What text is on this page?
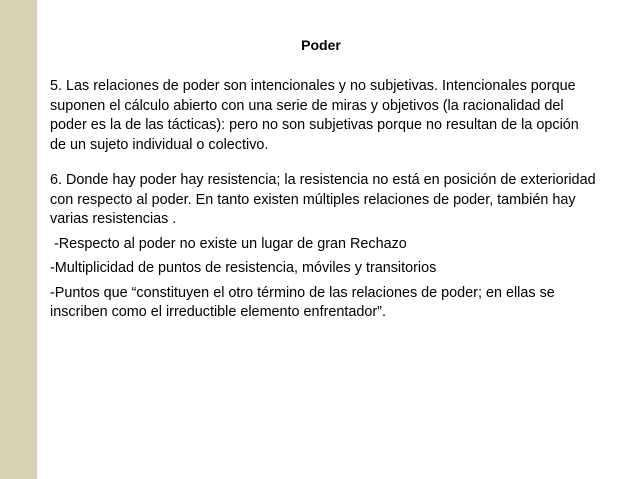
Poder

5. Las relaciones de poder son intencionales y no subjetivas. Intencionales porque suponen el cálculo abierto con una serie de miras y objetivos (la racionalidad del poder es la de las tácticas): pero no son subjetivas porque no resultan de la opción de un sujeto individual o colectivo.

6. Donde hay poder hay resistencia; la resistencia no está en posición de exterioridad con respecto al poder. En tanto existen múltiples relaciones de poder, también hay varias resistencias .

-Respecto al poder no existe un lugar de gran Rechazo

-Multiplicidad de puntos de resistencia, móviles y transitorios

-Puntos que “constituyen el otro término de las relaciones de poder; en ellas se inscriben como el irreductible elemento enfrentador”.
